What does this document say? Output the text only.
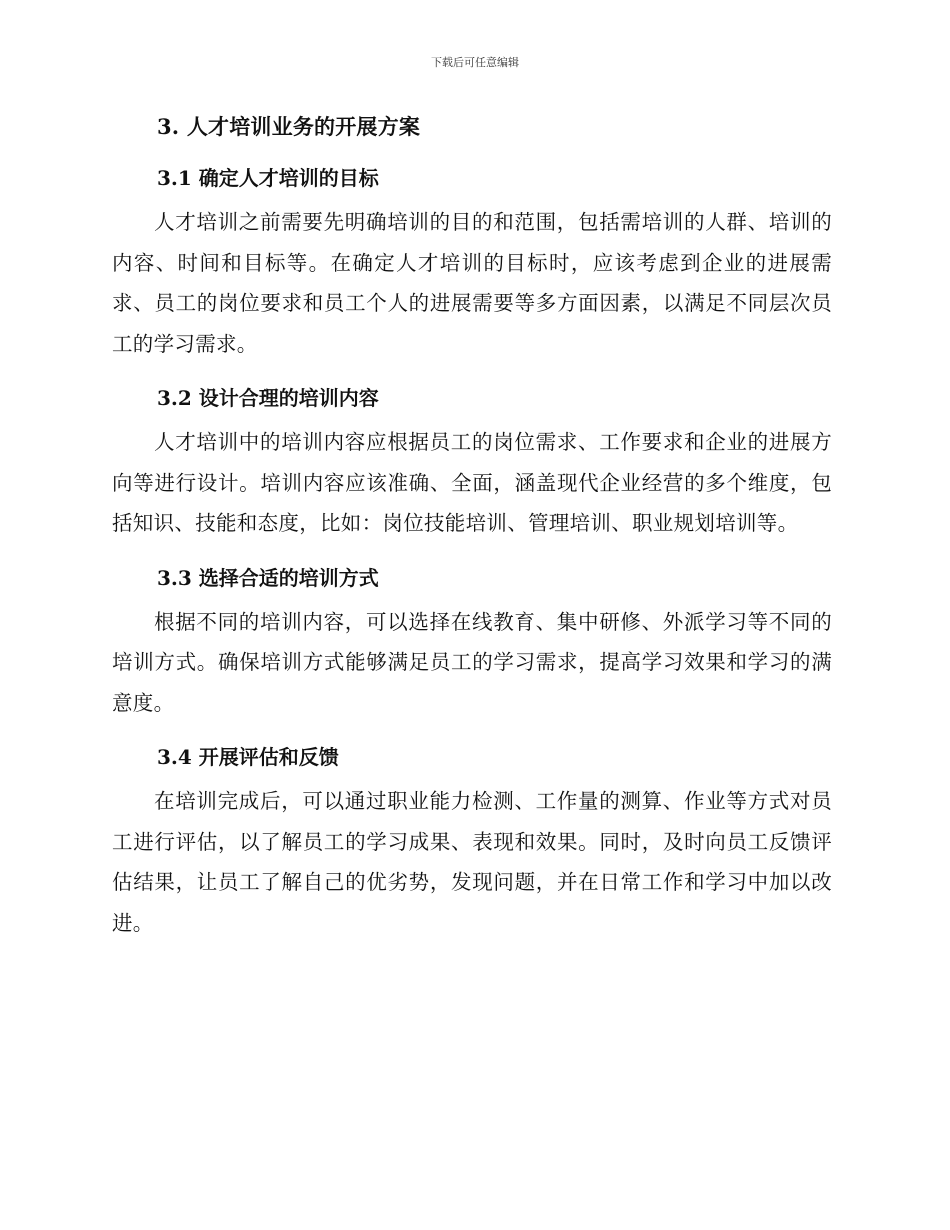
下载后可任意编辑
3. 人才培训业务的开展方案
3.1 确定人才培训的目标

人才培训之前需要先明确培训的目的和范围，包括需培训的人群、培训的内容、时间和目标等。在确定人才培训的目标时，应该考虑到企业的进展需求、员工的岗位要求和员工个人的进展需要等多方面因素，以满足不同层次员工的学习需求。

3.2 设计合理的培训内容

人才培训中的培训内容应根据员工的岗位需求、工作要求和企业的进展方向等进行设计。培训内容应该准确、全面，涵盖现代企业经营的多个维度，包括知识、技能和态度，比如：岗位技能培训、管理培训、职业规划培训等。

3.3 选择合适的培训方式

根据不同的培训内容，可以选择在线教育、集中研修、外派学习等不同的培训方式。确保培训方式能够满足员工的学习需求，提高学习效果和学习的满意度。

3.4 开展评估和反馈

在培训完成后，可以通过职业能力检测、工作量的测算、作业等方式对员工进行评估，以了解员工的学习成果、表现和效果。同时，及时向员工反馈评估结果，让员工了解自己的优劣势，发现问题，并在日常工作和学习中加以改进。
